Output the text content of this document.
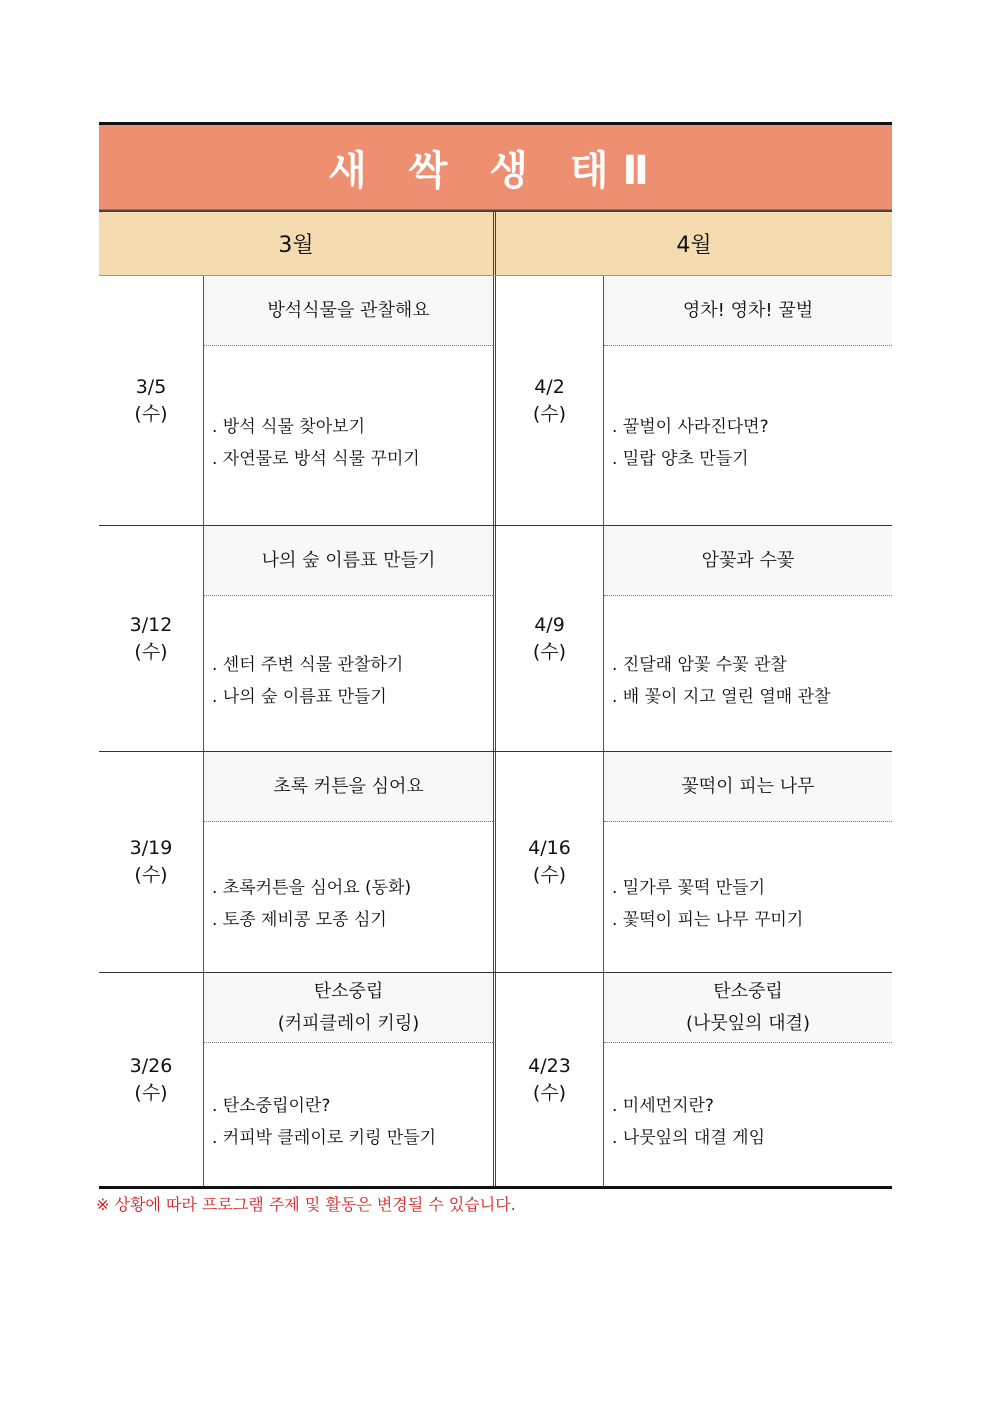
새 싹 생 태Ⅱ
3월	4월
3/5
(수)
방석식물을 관찰해요
. 방석 식물 찾아보기
. 자연물로 방석 식물 꾸미기
4/2
(수)
영차! 영차! 꿀벌
. 꿀벌이 사라진다면?
. 밀랍 양초 만들기
3/12
(수)
나의 숲 이름표 만들기
. 센터 주변 식물 관찰하기
. 나의 숲 이름표 만들기
4/9
(수)
암꽃과 수꽃
. 진달래 암꽃 수꽃 관찰
. 배 꽃이 지고 열린 열매 관찰
3/19
(수)
초록 커튼을 심어요
. 초록커튼을 심어요 (동화)
. 토종 제비콩 모종 심기
4/16
(수)
꽃떡이 피는 나무
. 밀가루 꽃떡 만들기
. 꽃떡이 피는 나무 꾸미기
3/26
(수)
탄소중립
(커피클레이 키링)
. 탄소중립이란?
. 커피박 클레이로 키링 만들기
4/23
(수)
탄소중립
(나뭇잎의 대결)
. 미세먼지란?
. 나뭇잎의 대결 게임
※ 상황에 따라 프로그램 주제 및 활동은 변경될 수 있습니다.
